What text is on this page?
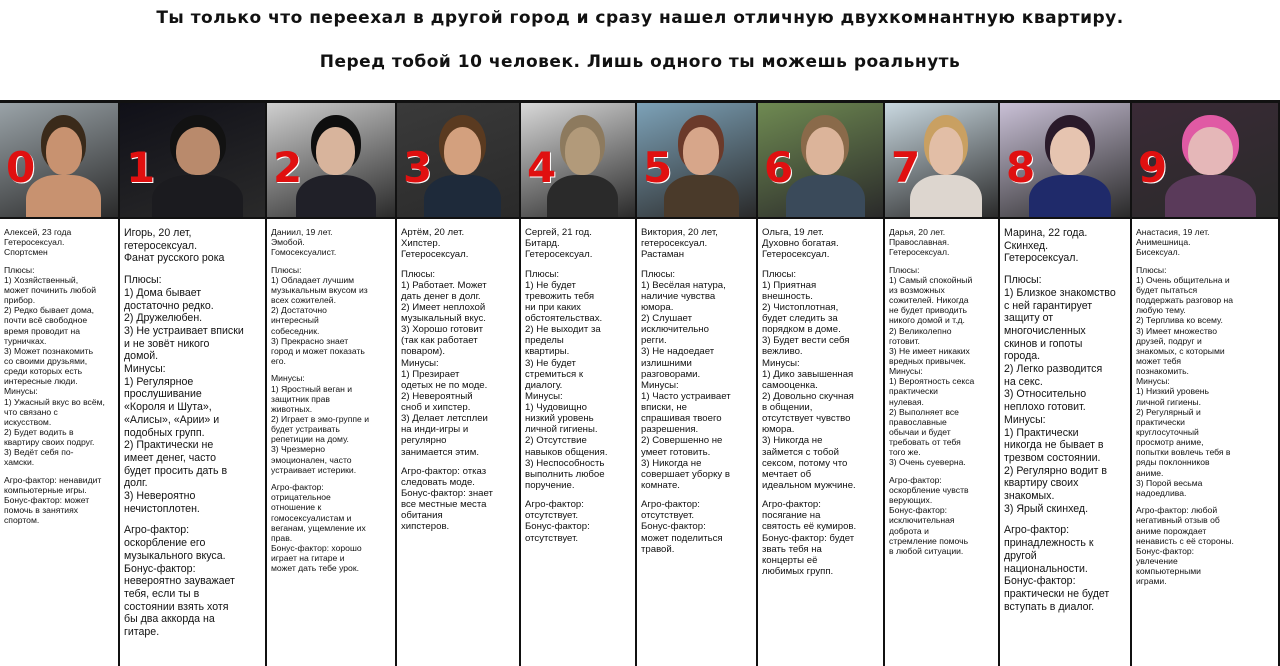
Ты только что переехал в другой город и сразу нашел отличную двухкомнантную квартиру.
Перед тобой 10 человек. Лишь одного ты можешь роальнуть
0
Алексей, 23 года
Гетеросексуал.
Спортсмен
Плюсы:
1) Хозяйственный,
может починить любой
прибор.
2) Редко бывает дома,
почти всё свободное
время проводит на
турничках.
3) Может познакомить
со своими друзьями,
среди которых есть
интересные люди.
Минусы:
1) Ужасный вкус во всём,
что связано с
искусством.
2) Будет водить в
квартиру своих подруг.
3) Ведёт себя по-
хамски.
Агро-фактор: ненавидит
компьютерные игры.
Бонус-фактор: может
помочь в занятиях
спортом.
1
Игорь, 20 лет,
гетеросексуал.
Фанат русского рока
Плюсы:
1) Дома бывает
достаточно редко.
2) Дружелюбен.
3) Не устраивает вписки
и не зовёт никого
домой.
Минусы:
1) Регулярное
прослушивание
«Короля и Шута»,
«Алисы», «Арии» и
подобных групп.
2) Практически не
имеет денег, часто
будет просить дать в
долг.
3) Невероятно
нечистоплотен.
Агро-фактор:
оскорбление его
музыкального вкуса.
Бонус-фактор:
невероятно зауважает
тебя, если ты в
состоянии взять хотя
бы два аккорда на
гитаре.
2
Даниил, 19 лет.
Эмобой.
Гомосексуалист.
Плюсы:
1) Обладает лучшим
музыкальным вкусом из
всех сожителей.
2) Достаточно
интересный
собеседник.
3) Прекрасно знает
город и может показать
его.
Минусы:
1) Яростный веган и
защитник прав
животных.
2) Играет в эмо-группе и
будет устраивать
репетиции на дому.
3) Чрезмерно
эмоционален, часто
устраивает истерики.
Агро-фактор:
отрицательное
отношение к
гомосексуалистам и
веганам, ущемление их
прав.
Бонус-фактор: хорошо
играет на гитаре и
может дать тебе урок.
3
Артём, 20 лет.
Хипстер.
Гетеросексуал.
Плюсы:
1) Работает. Может
дать денег в долг.
2) Имеет неплохой
музыкальный вкус.
3) Хорошо готовит
(так как работает
поваром).
Минусы:
1) Презирает
одетых не по моде.
2) Невероятный
сноб и хипстер.
3) Делает летсплеи
на инди-игры и
регулярно
занимается этим.
Агро-фактор: отказ
следовать моде.
Бонус-фактор: знает
все местные места
обитания
хипстеров.
4
Сергей, 21 год.
Битард.
Гетеросексуал.
Плюсы:
1) Не будет
тревожить тебя
ни при каких
обстоятельствах.
2) Не выходит за
пределы
квартиры.
3) Не будет
стремиться к
диалогу.
Минусы:
1) Чудовищно
низкий уровень
личной гигиены.
2) Отсутствие
навыков общения.
3) Неспособность
выполнить любое
поручение.
Агро-фактор:
отсутствует.
Бонус-фактор:
отсутствует.
5
Виктория, 20 лет,
гетеросексуал.
Растаман
Плюсы:
1) Весёлая натура,
наличие чувства
юмора.
2) Слушает
исключительно
регги.
3) Не надоедает
излишними
разговорами.
Минусы:
1) Часто устраивает
вписки, не
спрашивая твоего
разрешения.
2) Совершенно не
умеет готовить.
3) Никогда не
совершает уборку в
комнате.
Агро-фактор:
отсутствует.
Бонус-фактор:
может поделиться
травой.
6
Ольга, 19 лет.
Духовно богатая.
Гетеросексуал.
Плюсы:
1) Приятная
внешность.
2) Чистоплотная,
будет следить за
порядком в доме.
3) Будет вести себя
вежливо.
Минусы:
1) Дико завышенная
самооценка.
2) Довольно скучная
в общении,
отсутствует чувство
юмора.
3) Никогда не
займется с тобой
сексом, потому что
мечтает об
идеальном мужчине.
Агро-фактор:
посягание на
святость её кумиров.
Бонус-фактор: будет
звать тебя на
концерты её
любимых групп.
7
Дарья, 20 лет.
Православная.
Гетеросексуал.
Плюсы:
1) Самый спокойный
из возможных
сожителей. Никогда
не будет приводить
никого домой и т.д.
2) Великолепно
готовит.
3) Не имеет никаких
вредных привычек.
Минусы:
1) Вероятность секса
практически
нулевая.
2) Выполняет все
православные
обычаи и будет
требовать от тебя
того же.
3) Очень суеверна.
Агро-фактор:
оскорбление чувств
верующих.
Бонус-фактор:
исключительная
доброта и
стремление помочь
в любой ситуации.
8
Марина, 22 года.
Скинхед.
Гетеросексуал.
Плюсы:
1) Близкое знакомство
с ней гарантирует
защиту от
многочисленных
скинов и гопоты
города.
2) Легко разводится
на секс.
3) Относительно
неплохо готовит.
Минусы:
1) Практически
никогда не бывает в
трезвом состоянии.
2) Регулярно водит в
квартиру своих
знакомых.
3) Ярый скинхед.
Агро-фактор:
принадлежность к
другой
национальности.
Бонус-фактор:
практически не будет
вступать в диалог.
9
Анастасия, 19 лет.
Анимешница.
Бисексуал.
Плюсы:
1) Очень общительна и
будет пытаться
поддержать разговор на
любую тему.
2) Терплива ко всему.
3) Имеет множество
друзей, подруг и
знакомых, с которыми
может тебя
познакомить.
Минусы:
1) Низкий уровень
личной гигиены.
2) Регулярный и
практически
круглосуточный
просмотр аниме,
попытки вовлечь тебя в
ряды поклонников
аниме.
3) Порой весьма
надоедлива.
Агро-фактор: любой
негативный отзыв об
аниме порождает
ненависть с её стороны.
Бонус-фактор:
увлечение
компьютерными
играми.
